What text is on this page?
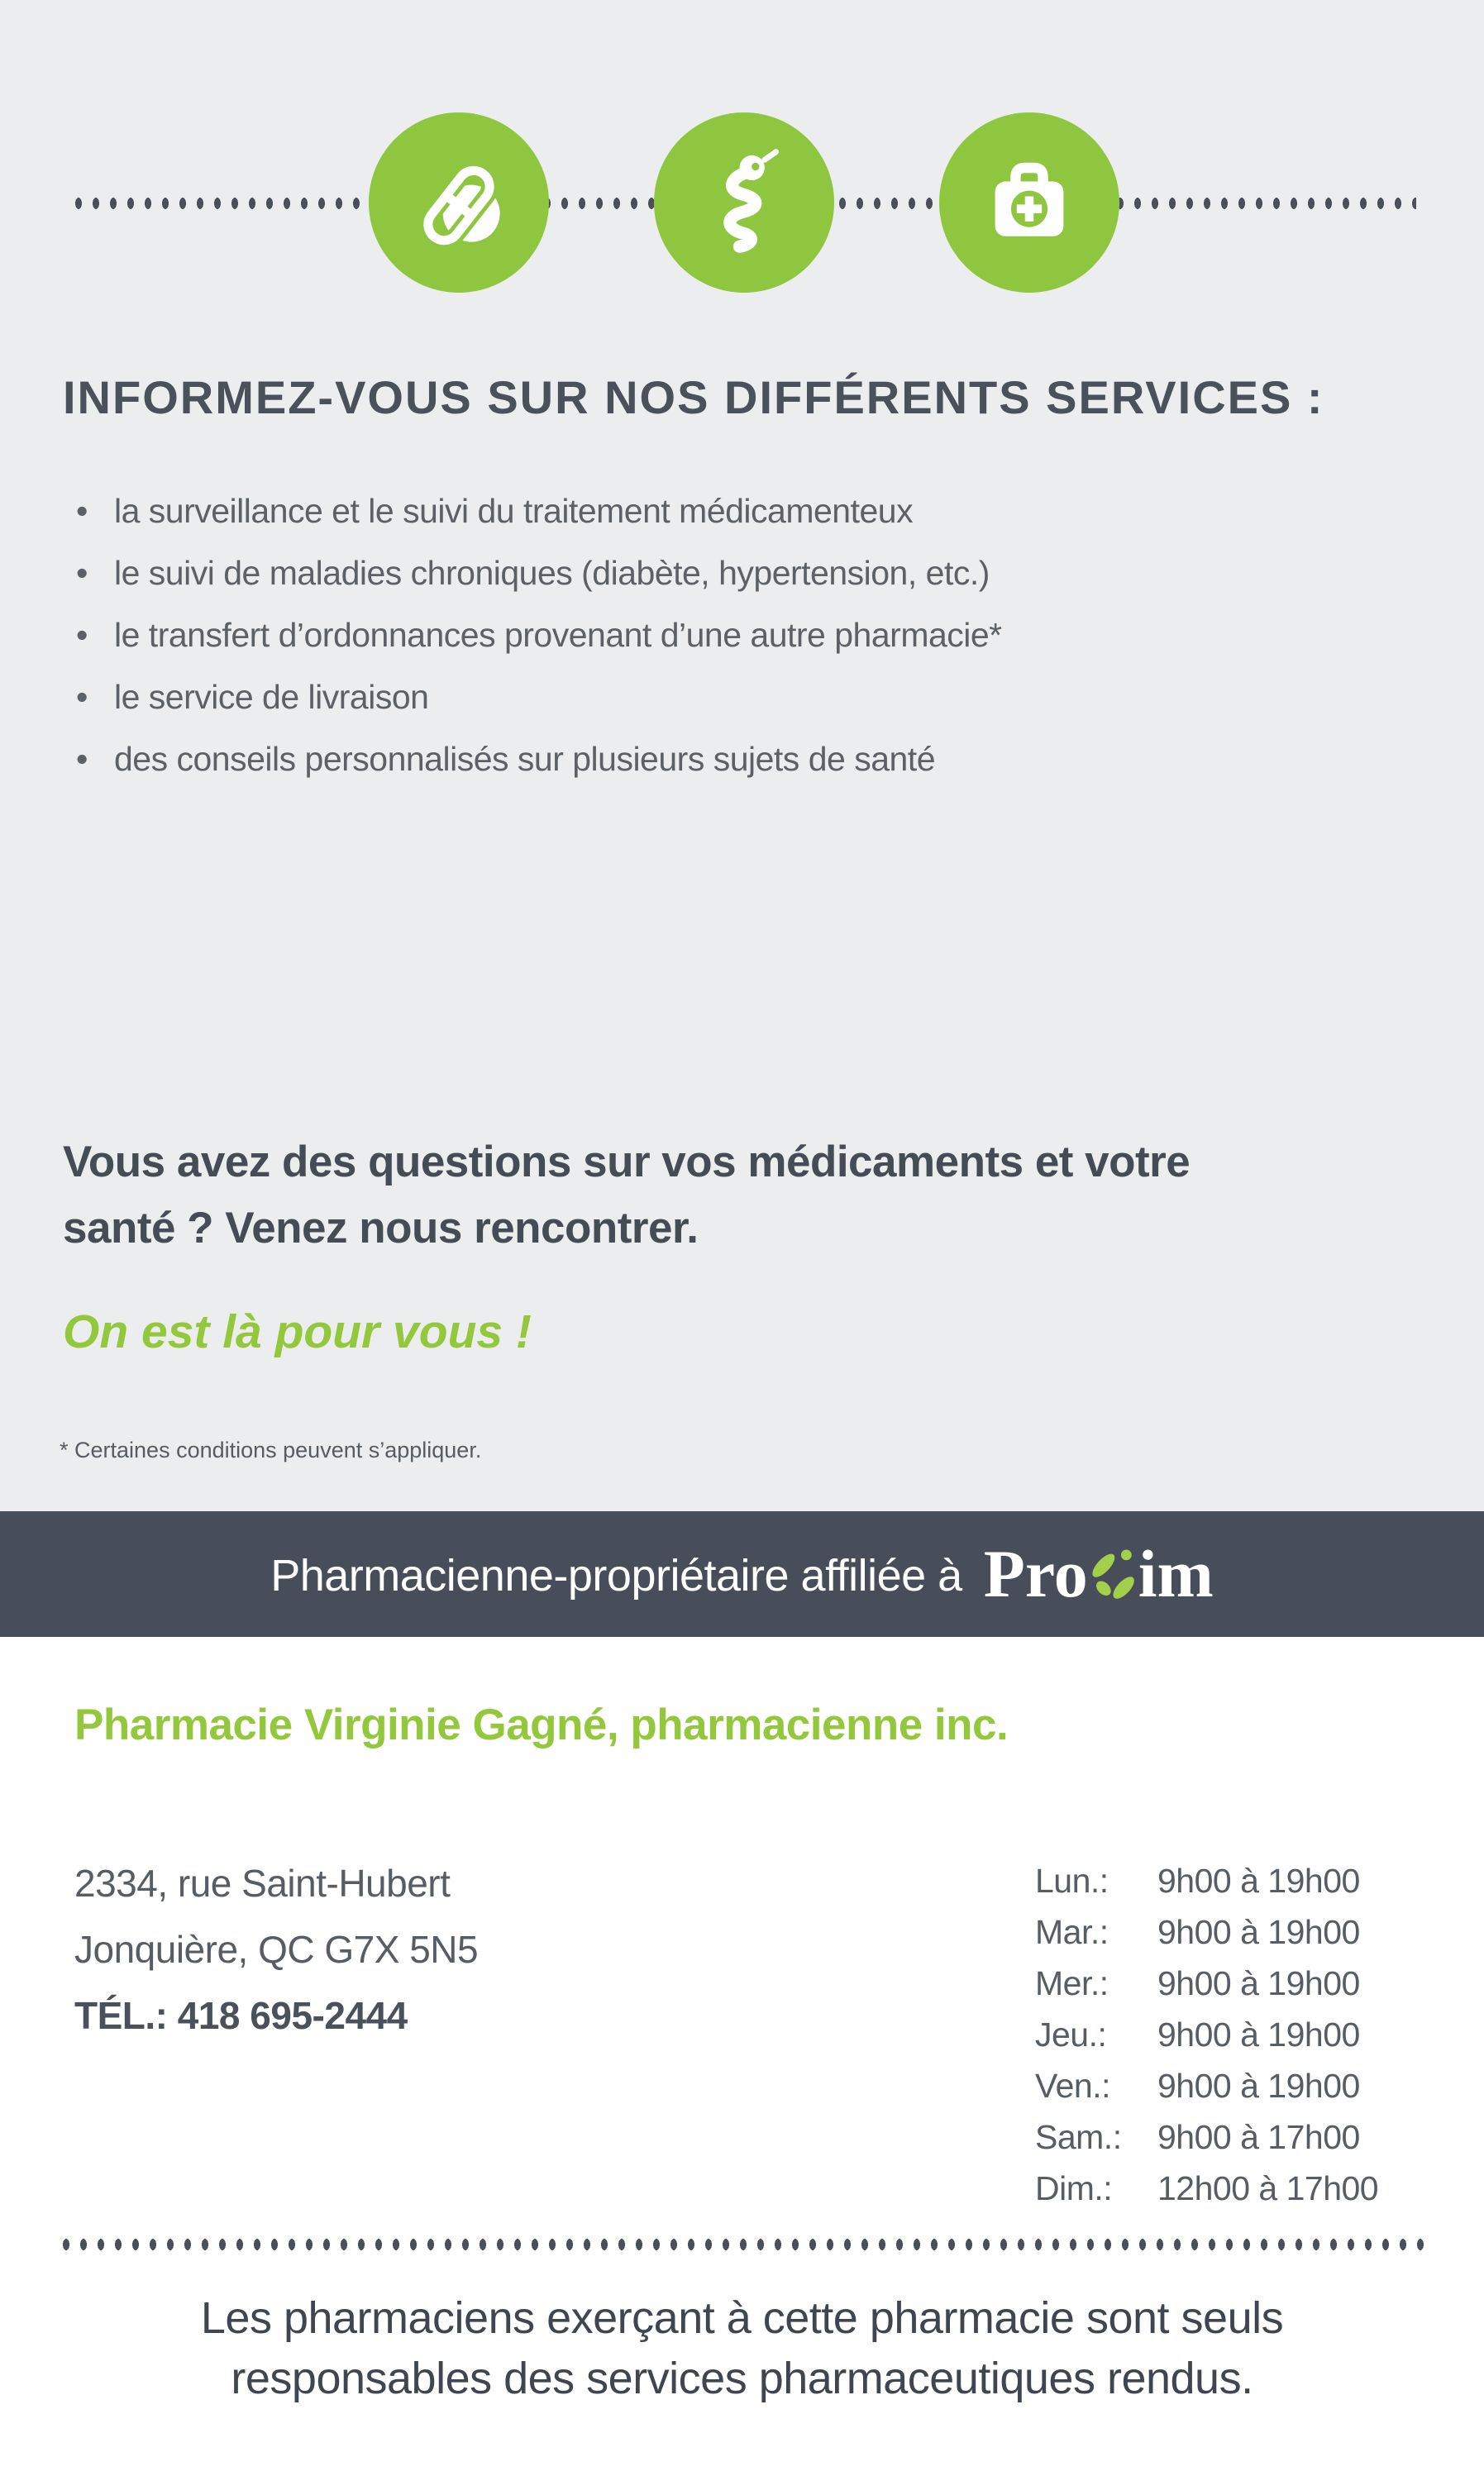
INFORMEZ-VOUS SUR NOS DIFFÉRENTS SERVICES :
• la surveillance et le suivi du traitement médicamenteux
• le suivi de maladies chroniques (diabète, hypertension, etc.)
• le transfert d’ordonnances provenant d’une autre pharmacie*
• le service de livraison
• des conseils personnalisés sur plusieurs sujets de santé
Vous avez des questions sur vos médicaments et votre
santé ? Venez nous rencontrer.
On est là pour vous !
* Certaines conditions peuvent s’appliquer.
Pharmacienne-propriétaire affiliée à Pro im
Pharmacie Virginie Gagné, pharmacienne inc.
2334, rue Saint-Hubert
Jonquière, QC G7X 5N5
TÉL.: 418 695-2444
Lun.: 9h00 à 19h00
Mar.: 9h00 à 19h00
Mer.: 9h00 à 19h00
Jeu.: 9h00 à 19h00
Ven.: 9h00 à 19h00
Sam.: 9h00 à 17h00
Dim.: 12h00 à 17h00
Les pharmaciens exerçant à cette pharmacie sont seuls
responsables des services pharmaceutiques rendus.
